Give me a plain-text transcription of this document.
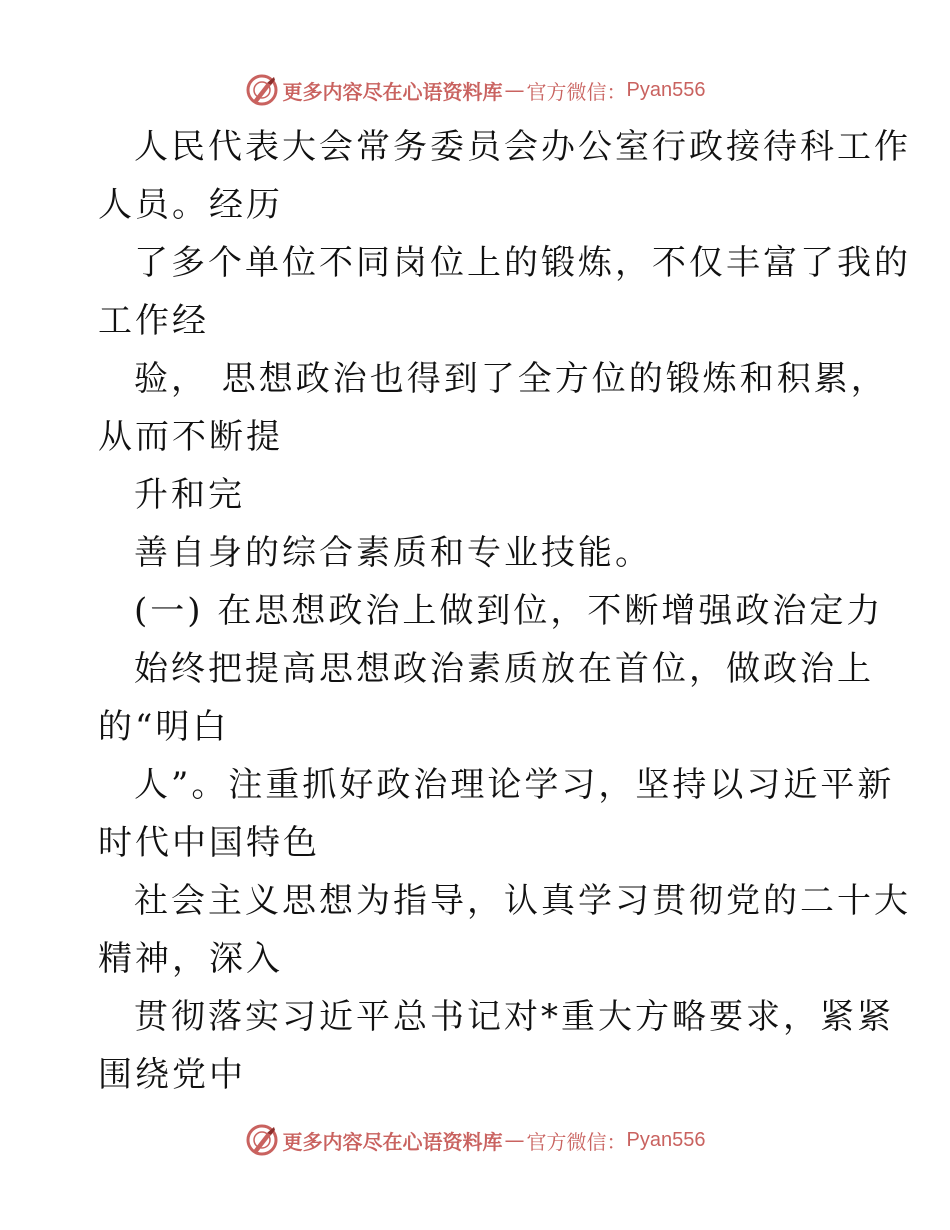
更多内容尽在心语资料库 — 官方微信： Pyan556
人民代表大会常务委员会办公室行政接待科工作
人员。经历
了多个单位不同岗位上的锻炼，不仅丰富了我的
工作经
验， 思想政治也得到了全方位的锻炼和积累，
从而不断提
升和完
善自身的综合素质和专业技能。
(一) 在思想政治上做到位，不断增强政治定力
始终把提高思想政治素质放在首位，做政治上
的“明白
人”。注重抓好政治理论学习，坚持以习近平新
时代中国特色
社会主义思想为指导，认真学习贯彻党的二十大
精神，深入
贯彻落实习近平总书记对*重大方略要求，紧紧
围绕党中
更多内容尽在心语资料库 — 官方微信： Pyan556
